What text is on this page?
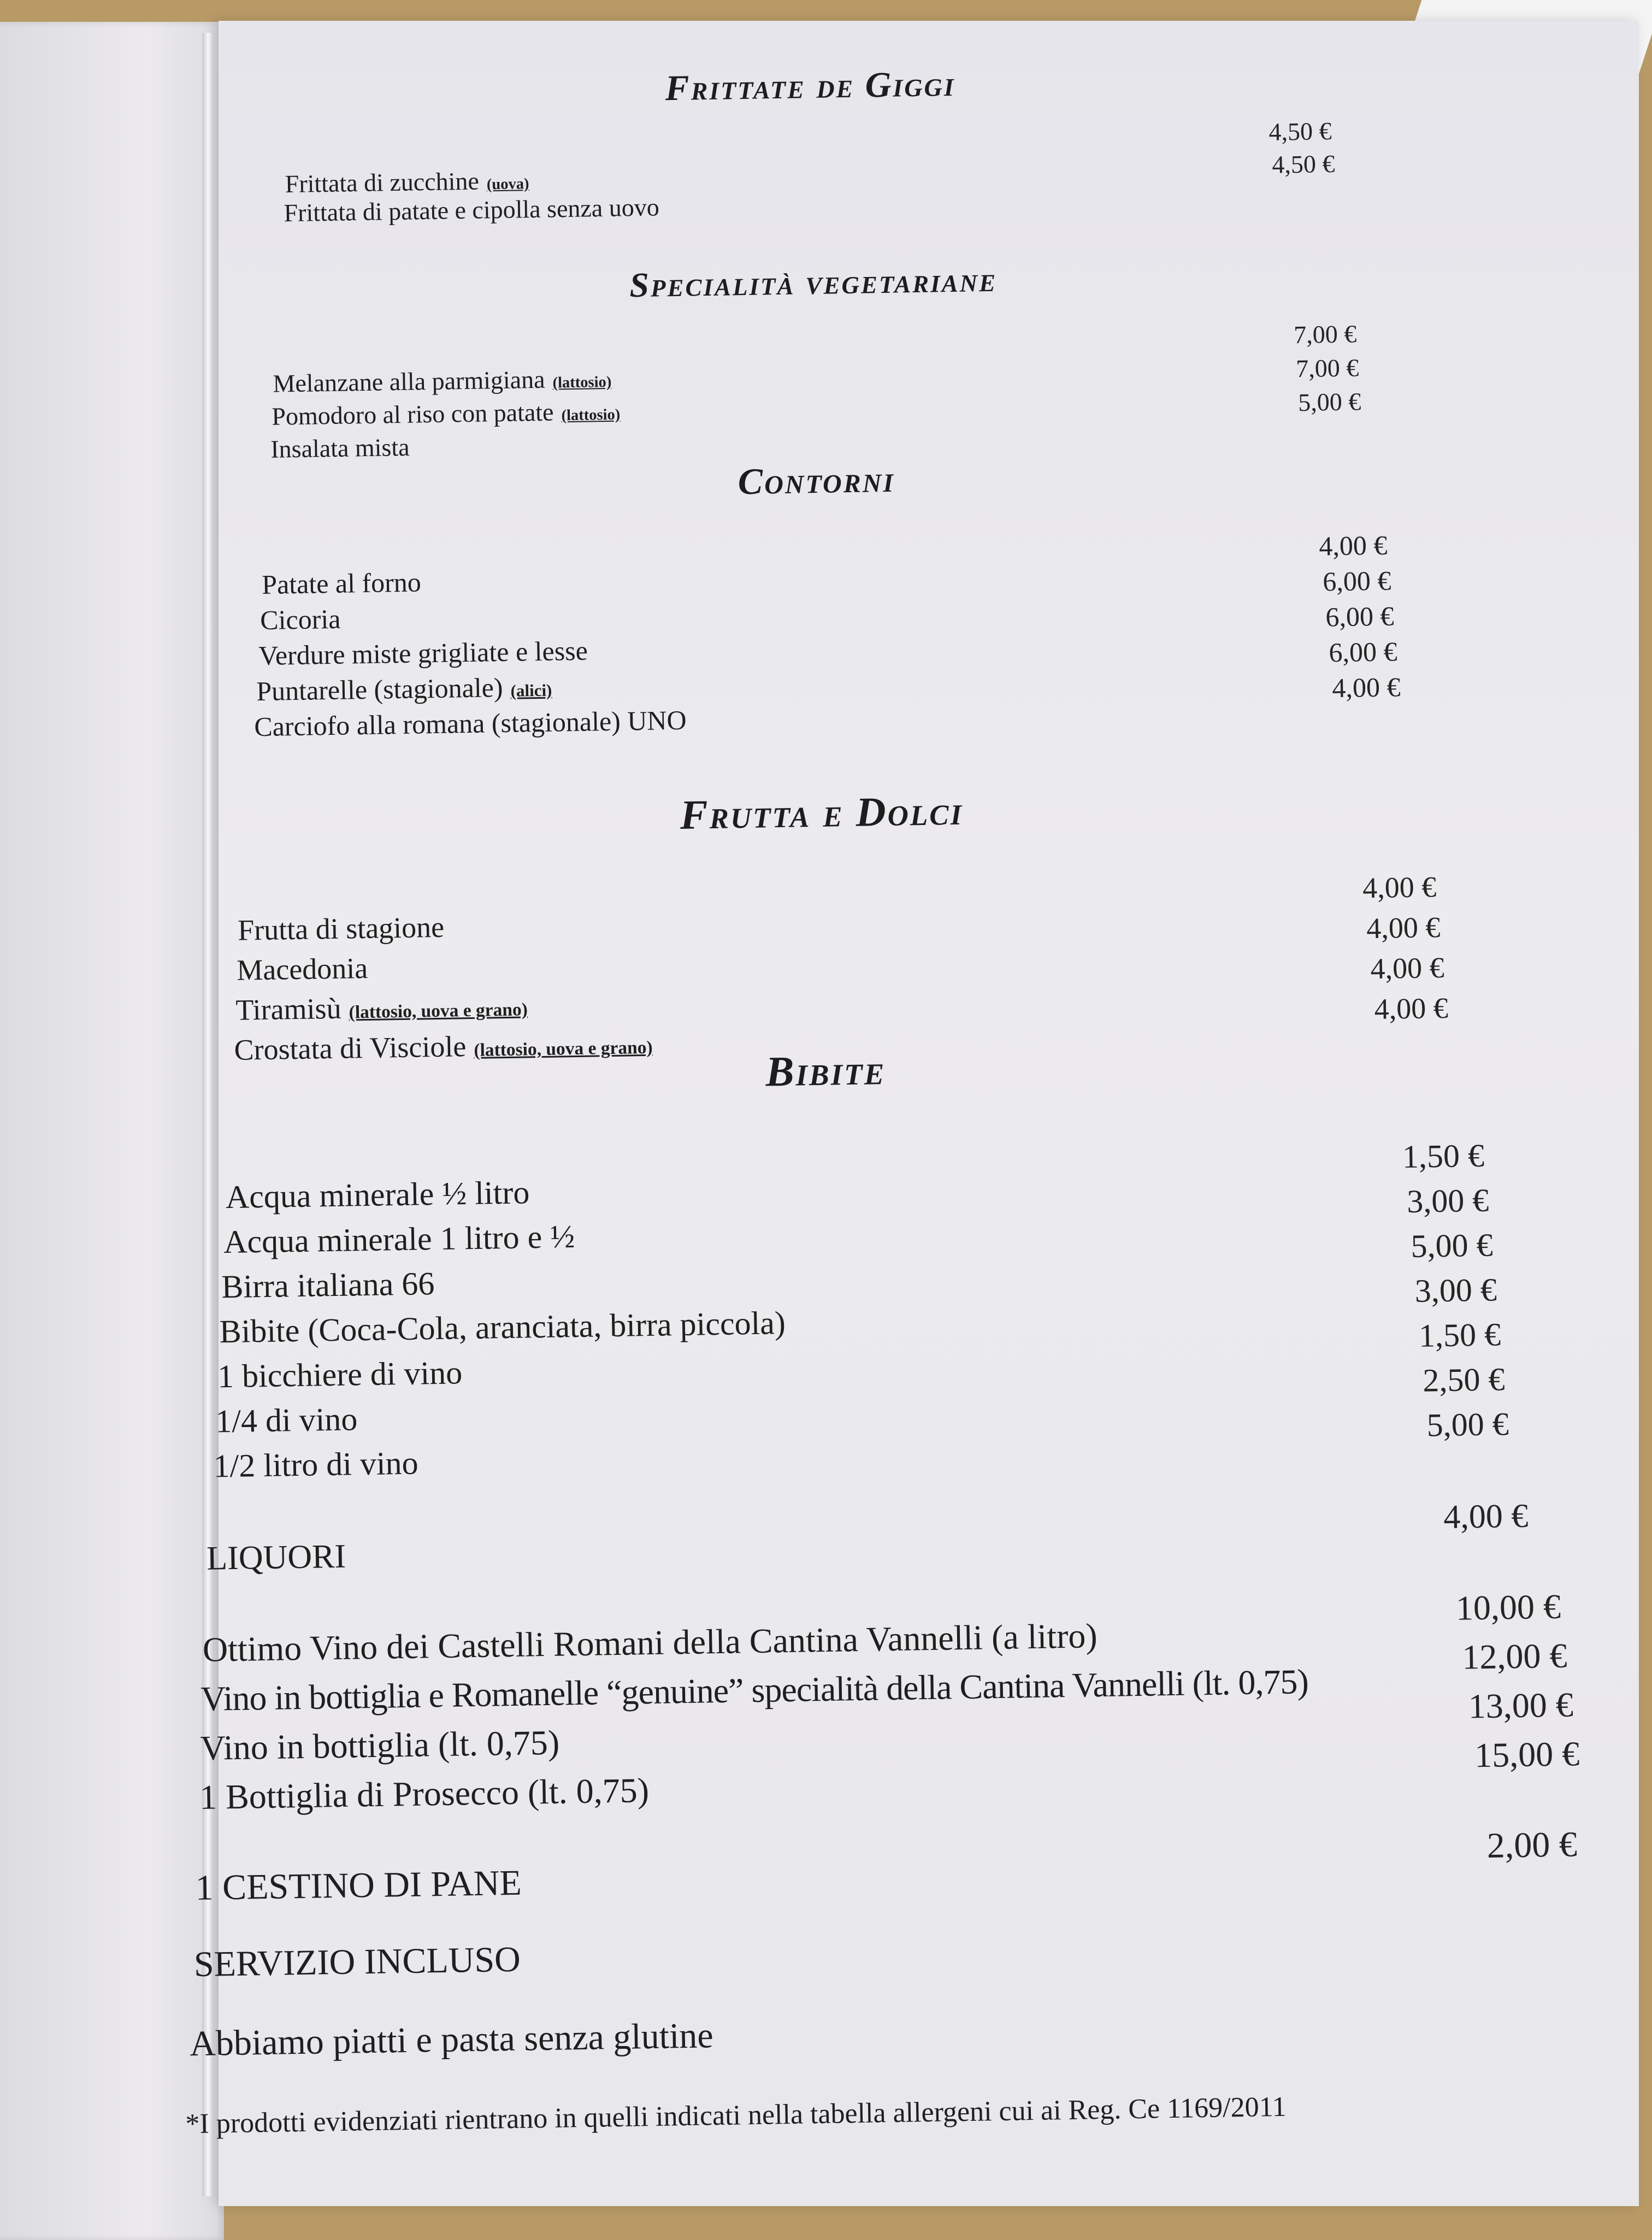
Frittate de Giggi
Frittata di zucchine (uova)
Frittata di patate e cipolla senza uovo
4,50 €
4,50 €
Specialità vegetariane
Melanzane alla parmigiana (lattosio)
Pomodoro al riso con patate (lattosio)
Insalata mista
7,00 €
7,00 €
5,00 €
Contorni
Patate al forno
Cicoria
Verdure miste grigliate e lesse
Puntarelle (stagionale) (alici)
Carciofo alla romana (stagionale) UNO
4,00 €
6,00 €
6,00 €
6,00 €
4,00 €
Frutta e Dolci
Frutta di stagione
Macedonia
Tiramisù (lattosio, uova e grano)
Crostata di Visciole (lattosio, uova e grano)
4,00 €
4,00 €
4,00 €
4,00 €
Bibite
Acqua minerale ½ litro
Acqua minerale 1 litro e ½
Birra italiana 66
Bibite (Coca-Cola, aranciata, birra piccola)
1 bicchiere di vino
1/4 di vino
1/2 litro di vino
1,50 €
3,00 €
5,00 €
3,00 €
1,50 €
2,50 €
5,00 €
LIQUORI
4,00 €
Ottimo Vino dei Castelli Romani della Cantina Vannelli (a litro)
Vino in bottiglia e Romanelle “genuine” specialità della Cantina Vannelli (lt. 0,75)
Vino in bottiglia (lt. 0,75)
1 Bottiglia di Prosecco (lt. 0,75)
10,00 €
12,00 €
13,00 €
15,00 €
1 CESTINO DI PANE
2,00 €
SERVIZIO INCLUSO
Abbiamo piatti e pasta senza glutine
*I prodotti evidenziati rientrano in quelli indicati nella tabella allergeni cui ai Reg. Ce 1169/2011
